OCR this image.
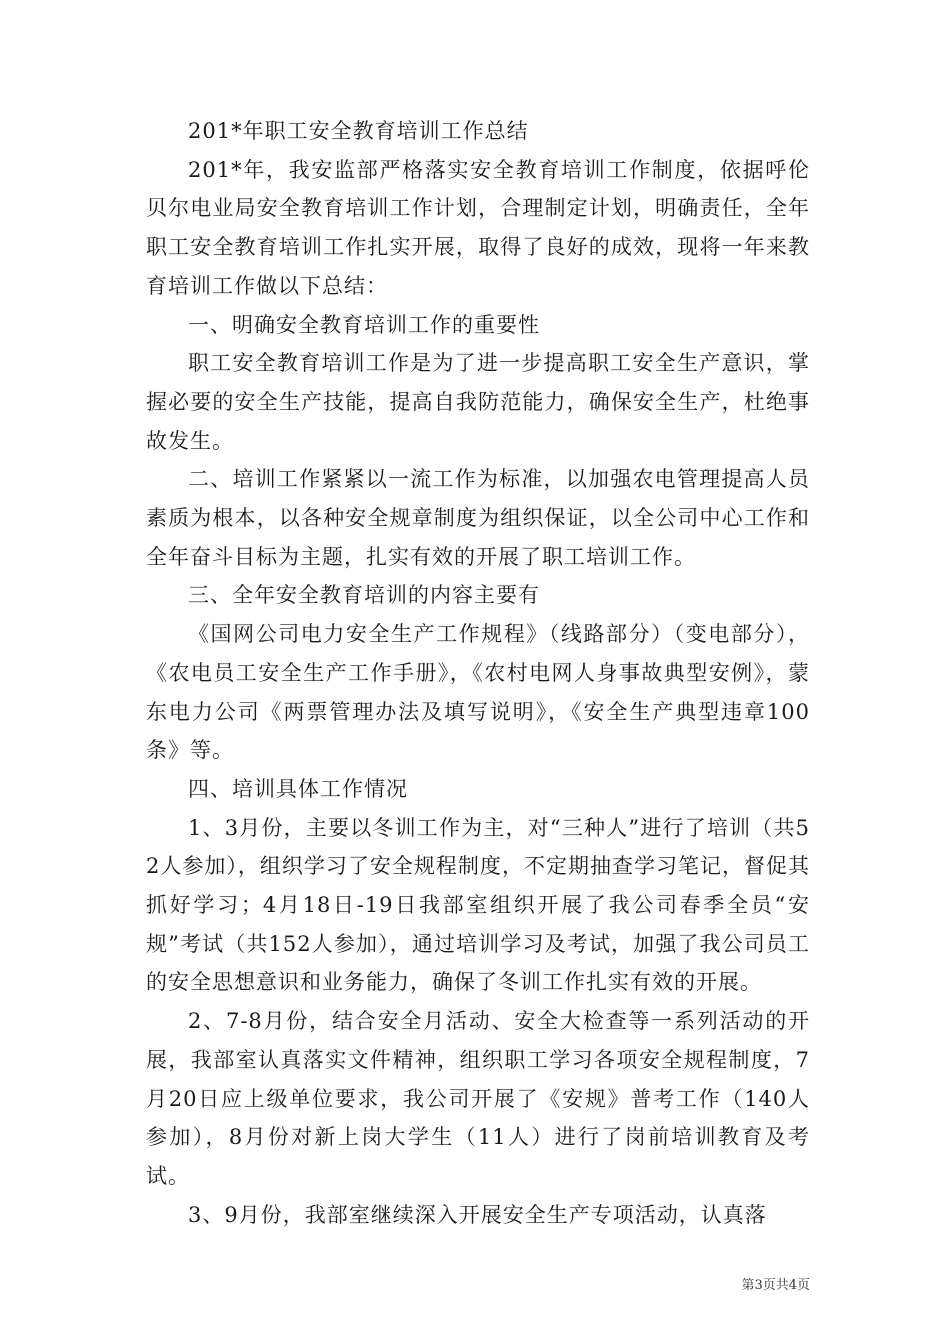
201*年职工安全教育培训工作总结

201*年，我安监部严格落实安全教育培训工作制度，依据呼伦贝尔电业局安全教育培训工作计划，合理制定计划，明确责任，全年职工安全教育培训工作扎实开展，取得了良好的成效，现将一年来教育培训工作做以下总结：

一、明确安全教育培训工作的重要性

职工安全教育培训工作是为了进一步提高职工安全生产意识，掌握必要的安全生产技能，提高自我防范能力，确保安全生产，杜绝事故发生。

二、培训工作紧紧以一流工作为标准，以加强农电管理提高人员素质为根本，以各种安全规章制度为组织保证，以全公司中心工作和全年奋斗目标为主题，扎实有效的开展了职工培训工作。

三、全年安全教育培训的内容主要有

《国网公司电力安全生产工作规程》（线路部分）（变电部分），《农电员工安全生产工作手册》，《农村电网人身事故典型安例》，蒙东电力公司《两票管理办法及填写说明》，《安全生产典型违章100条》等。

四、培训具体工作情况

1、3月份，主要以冬训工作为主，对“三种人”进行了培训（共52人参加），组织学习了安全规程制度，不定期抽查学习笔记，督促其抓好学习；4月18日-19日我部室组织开展了我公司春季全员“安规”考试（共152人参加），通过培训学习及考试，加强了我公司员工的安全思想意识和业务能力，确保了冬训工作扎实有效的开展。

2、7-8月份，结合安全月活动、安全大检查等一系列活动的开展，我部室认真落实文件精神，组织职工学习各项安全规程制度，7月20日应上级单位要求，我公司开展了《安规》普考工作（140人参加），8月份对新上岗大学生（11人）进行了岗前培训教育及考试。

3、9月份，我部室继续深入开展安全生产专项活动，认真落

第3页共4页
